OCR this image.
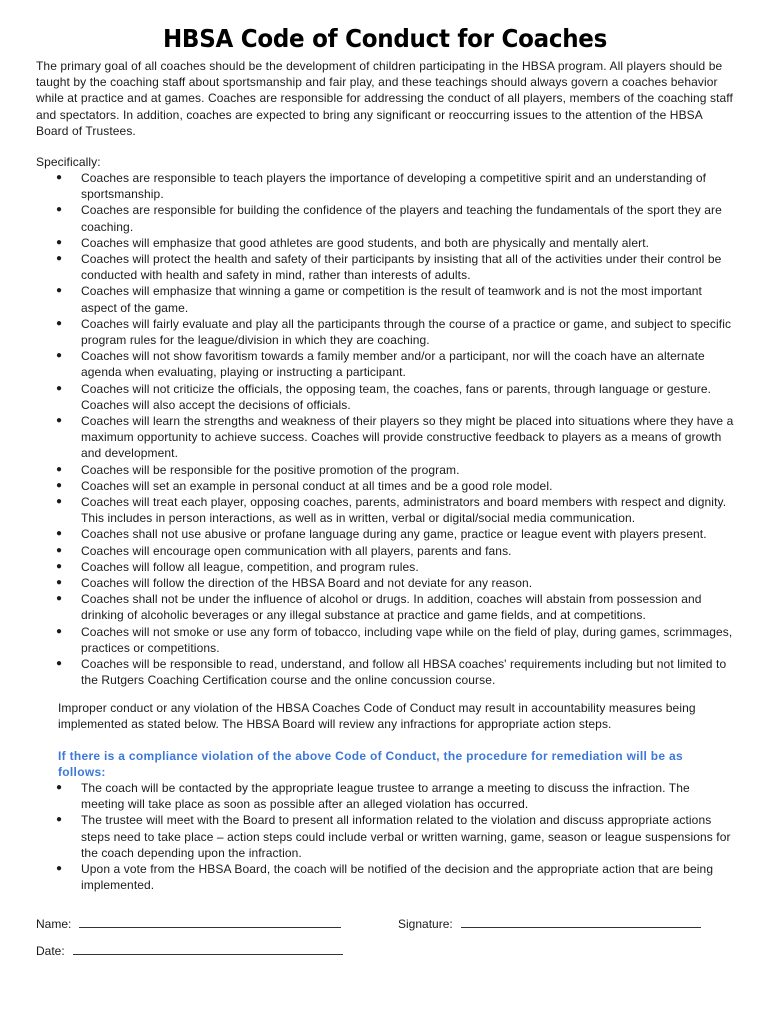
HBSA Code of Conduct for Coaches

The primary goal of all coaches should be the development of children participating in the HBSA program. All players should be taught by the coaching staff about sportsmanship and fair play, and these teachings should always govern a coaches behavior while at practice and at games. Coaches are responsible for addressing the conduct of all players, members of the coaching staff and spectators. In addition, coaches are expected to bring any significant or reoccurring issues to the attention of the HBSA Board of Trustees.

Specifically:
● Coaches are responsible to teach players the importance of developing a competitive spirit and an understanding of sportsmanship.
● Coaches are responsible for building the confidence of the players and teaching the fundamentals of the sport they are coaching.
● Coaches will emphasize that good athletes are good students, and both are physically and mentally alert.
● Coaches will protect the health and safety of their participants by insisting that all of the activities under their control be conducted with health and safety in mind, rather than interests of adults.
● Coaches will emphasize that winning a game or competition is the result of teamwork and is not the most important aspect of the game.
● Coaches will fairly evaluate and play all the participants through the course of a practice or game, and subject to specific program rules for the league/division in which they are coaching.
● Coaches will not show favoritism towards a family member and/or a participant, nor will the coach have an alternate agenda when evaluating, playing or instructing a participant.
● Coaches will not criticize the officials, the opposing team, the coaches, fans or parents, through language or gesture. Coaches will also accept the decisions of officials.
● Coaches will learn the strengths and weakness of their players so they might be placed into situations where they have a maximum opportunity to achieve success. Coaches will provide constructive feedback to players as a means of growth and development.
● Coaches will be responsible for the positive promotion of the program.
● Coaches will set an example in personal conduct at all times and be a good role model.
● Coaches will treat each player, opposing coaches, parents, administrators and board members with respect and dignity. This includes in person interactions, as well as in written, verbal or digital/social media communication.
● Coaches shall not use abusive or profane language during any game, practice or league event with players present.
● Coaches will encourage open communication with all players, parents and fans.
● Coaches will follow all league, competition, and program rules.
● Coaches will follow the direction of the HBSA Board and not deviate for any reason.
● Coaches shall not be under the influence of alcohol or drugs. In addition, coaches will abstain from possession and drinking of alcoholic beverages or any illegal substance at practice and game fields, and at competitions.
● Coaches will not smoke or use any form of tobacco, including vape while on the field of play, during games, scrimmages, practices or competitions.
● Coaches will be responsible to read, understand, and follow all HBSA coaches' requirements including but not limited to the Rutgers Coaching Certification course and the online concussion course.

Improper conduct or any violation of the HBSA Coaches Code of Conduct may result in accountability measures being implemented as stated below. The HBSA Board will review any infractions for appropriate action steps.

If there is a compliance violation of the above Code of Conduct, the procedure for remediation will be as follows:
● The coach will be contacted by the appropriate league trustee to arrange a meeting to discuss the infraction. The meeting will take place as soon as possible after an alleged violation has occurred.
● The trustee will meet with the Board to present all information related to the violation and discuss appropriate actions steps need to take place – action steps could include verbal or written warning, game, season or league suspensions for the coach depending upon the infraction.
● Upon a vote from the HBSA Board, the coach will be notified of the decision and the appropriate action that are being implemented.
Name:	Signature:
Date:
